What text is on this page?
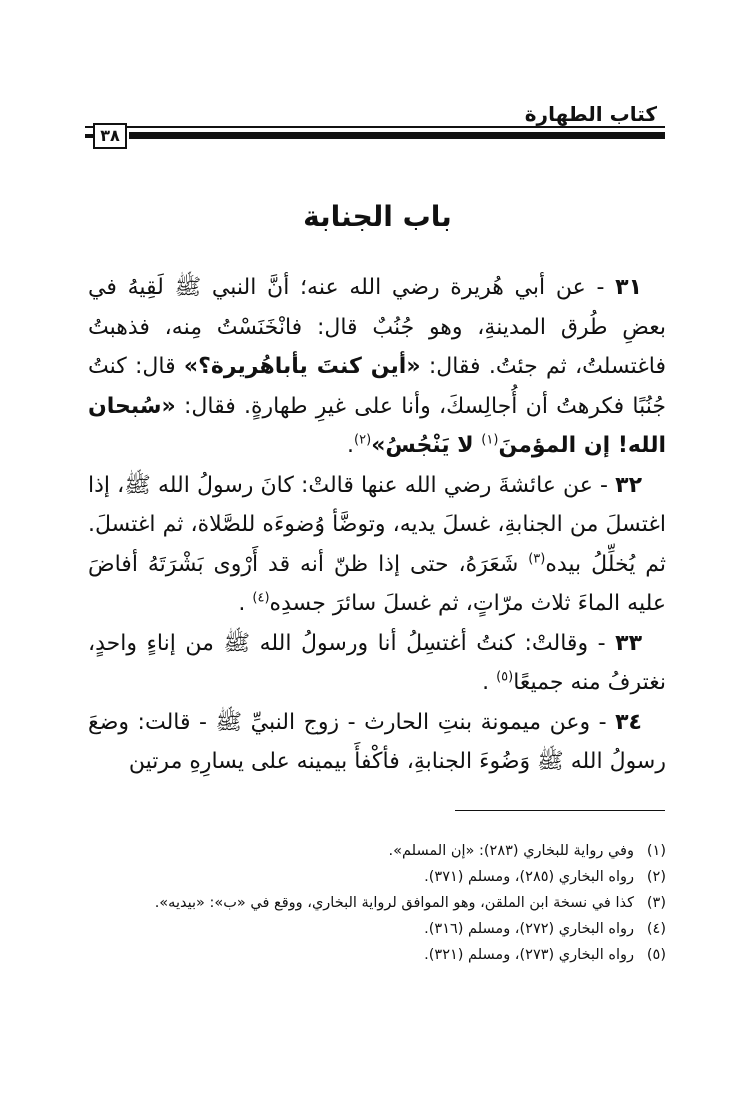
كتاب الطهارة
٣٨
باب الجنابة

٣١ - عن أبي هُريرة رضي الله عنه؛ أنَّ النبي ﷺ لَقِيهُ في بعضِ طُرق المدينةِ، وهو جُنُبٌ قال: فانْخَنَسْتُ مِنه، فذهبتُ فاغتسلتُ، ثم جئتُ. فقال: «أين كنتَ يأباهُريرة؟» قال: كنتُ جُنُبًا فكرهتُ أن أُجالِسكَ، وأنا على غيرِ طهارةٍ. فقال: «سُبحان الله! إن المؤمنَ$^{(١)}$ لا يَنْجُسُ»$^{(٢)}$.

٣٢ - عن عائشةَ رضي الله عنها قالتْ: كانَ رسولُ الله ﷺ، إذا اغتسلَ من الجنابةِ، غسلَ يديه، وتوضَّأ وُضوءَه للصَّلاة، ثم اغتسلَ. ثم يُخلِّلُ بيده$^{(٣)}$ شَعَرَهُ، حتى إذا ظنّ أنه قد أَرْوى بَشْرَتَهُ أفاضَ عليه الماءَ ثلاث مرّاتٍ، ثم غسلَ سائرَ جسدِه$^{(٤)}$ .

٣٣ - وقالتْ: كنتُ أغتسِلُ أنا ورسولُ الله ﷺ من إناءٍ واحدٍ، نغترفُ منه جميعًا$^{(٥)}$ .

٣٤ - وعن ميمونة بنتِ الحارث - زوج النبيِّ ﷺ - قالت: وضعَ رسولُ الله ﷺ وَضُوءَ الجنابةِ، فأكْفأَ بيمينه على يسارِهِ مرتين

(١)
وفي رواية للبخاري (٢٨٣): «إن المسلم».
(٢)
رواه البخاري (٢٨٥)، ومسلم (٣٧١).
(٣)
كذا في نسخة ابن الملقن، وهو الموافق لرواية البخاري، ووقع في «ب»: «بيديه».
(٤)
رواه البخاري (٢٧٢)، ومسلم (٣١٦).
(٥)
رواه البخاري (٢٧٣)، ومسلم (٣٢١).
